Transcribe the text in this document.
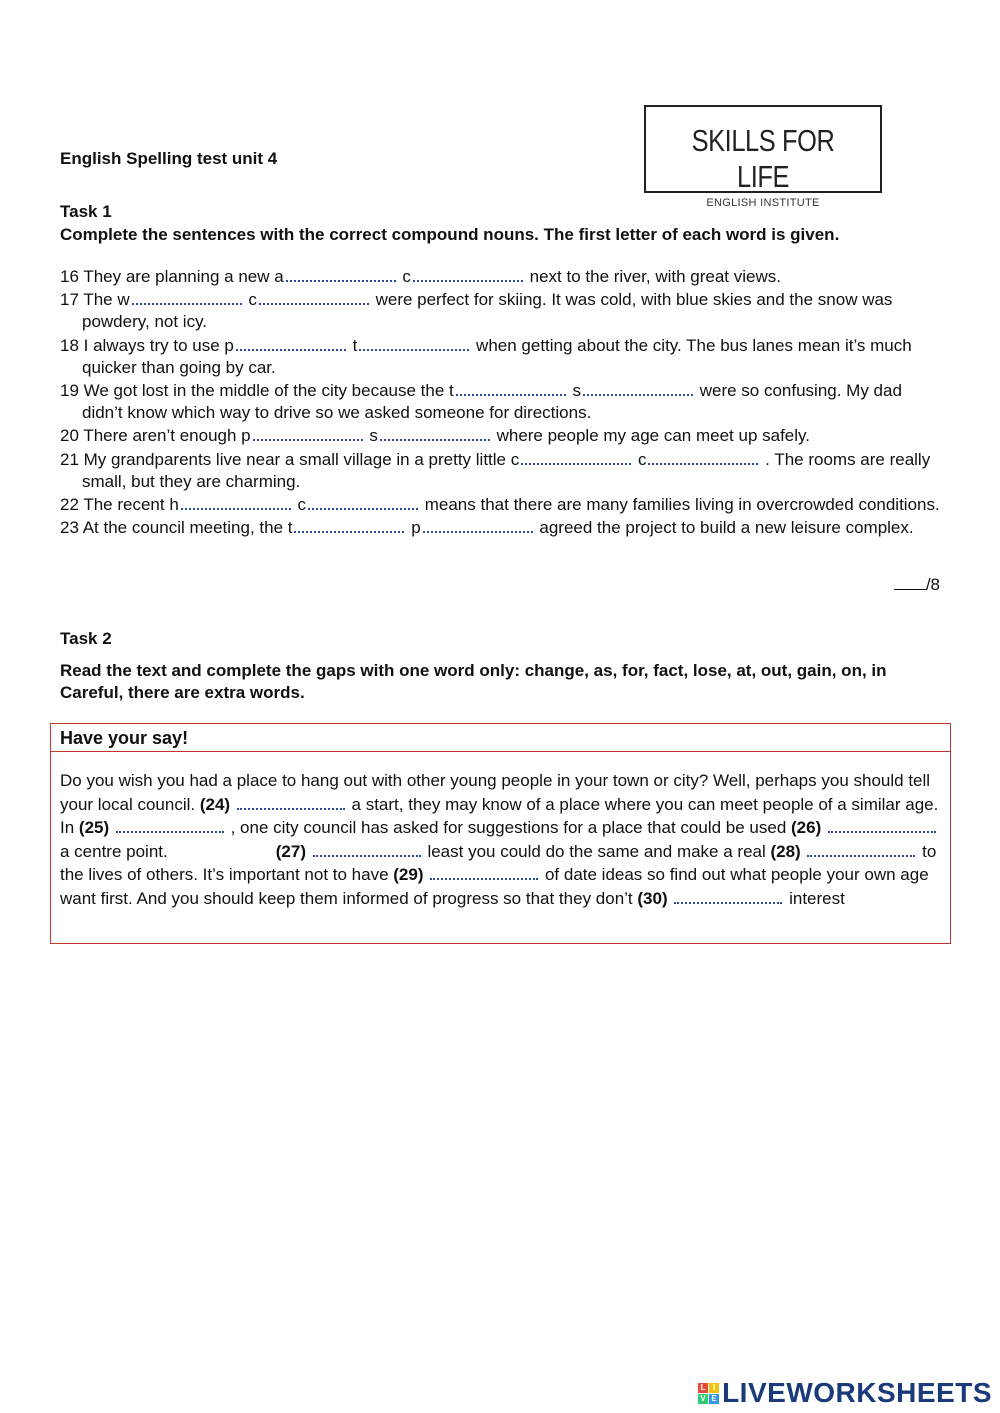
SKILLS FOR LIFE
ENGLISH INSTITUTE
English Spelling test unit 4
Task 1
Complete the sentences with the correct compound nouns. The first letter of each word is given.
16 They are planning a new a	c	next to the river, with great views.
17 The w	c	were perfect for skiing. It was cold, with blue skies and the snow was powdery, not icy.
18 I always try to use p	t	when getting about the city. The bus lanes mean it’s much quicker than going by car.
19 We got lost in the middle of the city because the t	s	were so confusing. My dad didn’t know which way to drive so we asked someone for directions.
20 There aren’t enough p	s	where people my age can meet up safely.
21 My grandparents live near a small village in a pretty little c	c	. The rooms are really small, but they are charming.
22 The recent h	c	means that there are many families living in overcrowded conditions.
23 At the council meeting, the t	p	agreed the project to build a new leisure complex.
/8
Task 2
Read the text and complete the gaps with one word only: change, as, for, fact, lose, at, out, gain, on, in Careful, there are extra words.
Have your say!
Do you wish you had a place to hang out with other young people in your town or city? Well, perhaps you should tell your local council. (24)	a start, they may know of a place where you can meet people of a similar age. In (25)	, one city council has asked for suggestions for a place that could be used (26)  a centre point.	(27)	least you could do the same and make a real (28)	to the lives of others. It’s important not to have (29)	of date ideas so find out what people your own age want first. And you should keep them informed of progress so that they don’t (30)	interest
L I
V E LIVEWORKSHEETS
